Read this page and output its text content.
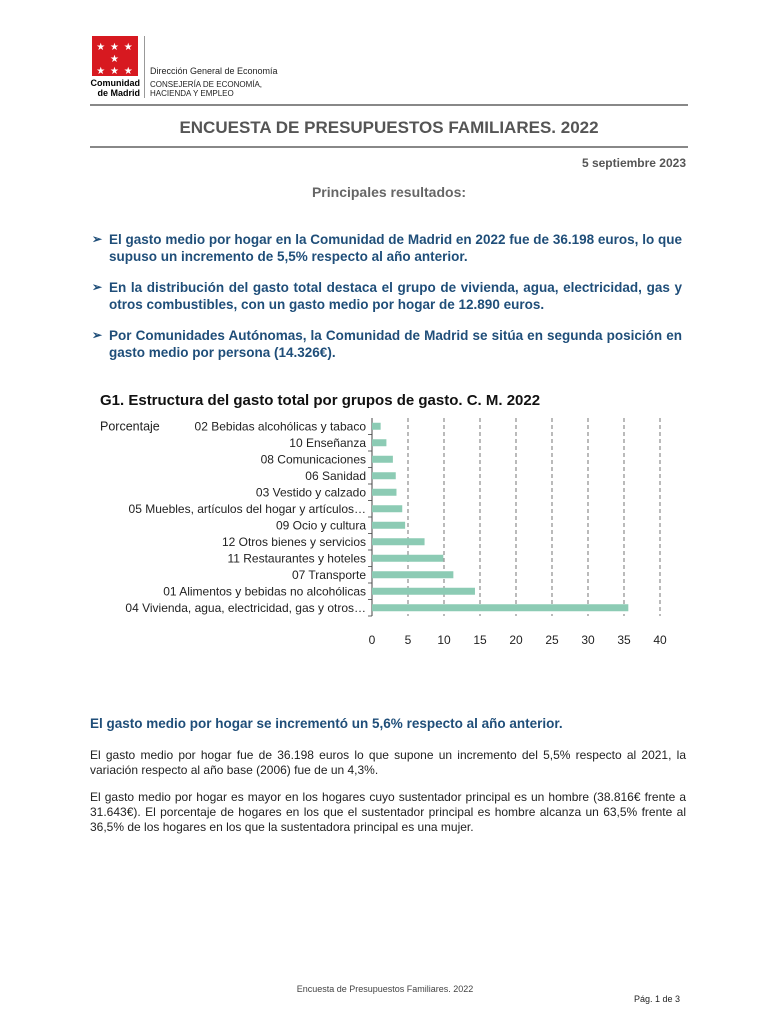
★ ★ ★ ★
★ ★ ★
Comunidad
de Madrid
Dirección General de Economía
CONSEJERÍA DE ECONOMÍA,
HACIENDA Y EMPLEO
ENCUESTA DE PRESUPUESTOS FAMILIARES. 2022
5 septiembre 2023
Principales resultados:
➢ El gasto medio por hogar en la Comunidad de Madrid en 2022 fue de 36.198 euros, lo que supuso un incremento de 5,5% respecto al año anterior.
➢ En la distribución del gasto total destaca el grupo de vivienda, agua, electricidad, gas y otros combustibles, con un gasto medio por hogar de 12.890 euros.
➢ Por Comunidades Autónomas, la Comunidad de Madrid se sitúa en segunda posición en gasto medio por persona (14.326€).
G1. Estructura del gasto total por grupos de gasto. C. M. 2022
02 Bebidas alcohólicas y tabaco
10 Enseñanza
08 Comunicaciones
06 Sanidad
03 Vestido y calzado
05 Muebles, artículos del hogar y artículos…
09 Ocio y cultura
12 Otros bienes y servicios
11 Restaurantes y hoteles
07 Transporte
01 Alimentos y bebidas no alcohólicas
04 Vivienda, agua, electricidad, gas y otros…
Porcentaje
0 5 10 15 20 25 30 35 40
El gasto medio por hogar se incrementó un 5,6% respecto al año anterior.

El gasto medio por hogar fue de 36.198 euros lo que supone un incremento del 5,5% respecto al 2021, la variación respecto al año base (2006) fue de un 4,3%.

El gasto medio por hogar es mayor en los hogares cuyo sustentador principal es un hombre (38.816€ frente a 31.643€). El porcentaje de hogares en los que el sustentador principal es hombre alcanza un 63,5% frente al 36,5% de los hogares en los que la sustentadora principal es una mujer.

Encuesta de Presupuestos Familiares. 2022
Pág. 1 de 3
